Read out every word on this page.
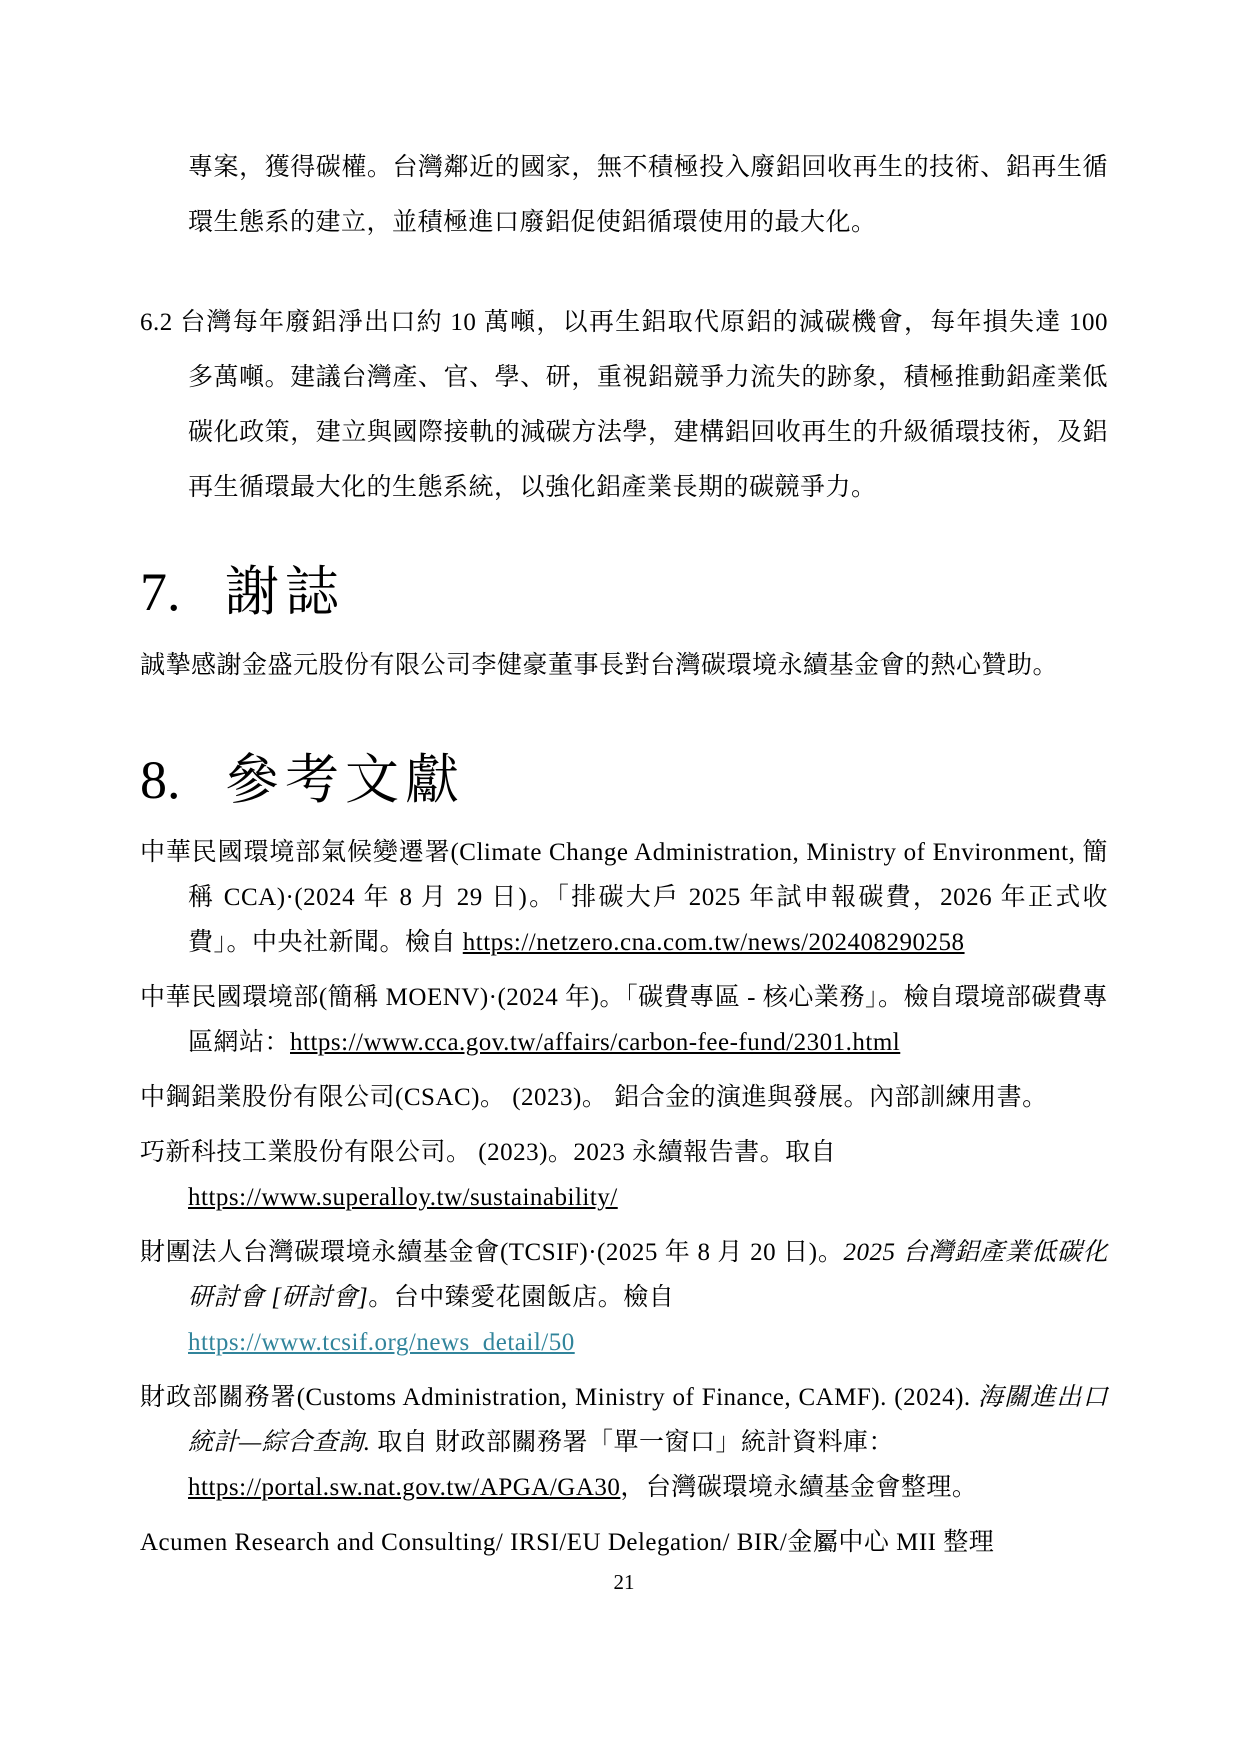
專案，獲得碳權。台灣鄰近的國家，無不積極投入廢鋁回收再生的技術、鋁再生循環生態系的建立，並積極進口廢鋁促使鋁循環使用的最大化。

6.2 台灣每年廢鋁淨出口約 10 萬噸，以再生鋁取代原鋁的減碳機會，每年損失達 100 多萬噸。建議台灣產、官、學、研，重視鋁競爭力流失的跡象，積極推動鋁產業低碳化政策，建立與國際接軌的減碳方法學，建構鋁回收再生的升級循環技術，及鋁再生循環最大化的生態系統，以強化鋁產業長期的碳競爭力。

7. 謝誌

誠摯感謝金盛元股份有限公司李健豪董事長對台灣碳環境永續基金會的熱心贊助。

8. 參考文獻

中華民國環境部氣候變遷署(Climate Change Administration, Ministry of Environment, 簡稱 CCA)·(2024 年 8 月 29 日)。「排碳大戶 2025 年試申報碳費，2026 年正式收費」。中央社新聞。檢自 https://netzero.cna.com.tw/news/202408290258

中華民國環境部(簡稱 MOENV)·(2024 年)。「碳費專區 - 核心業務」。檢自環境部碳費專區網站：https://www.cca.gov.tw/affairs/carbon-fee-fund/2301.html

中鋼鋁業股份有限公司(CSAC)。 (2023)。 鋁合金的演進與發展。內部訓練用書。

巧新科技工業股份有限公司。 (2023)。2023 永續報告書。取自
https://www.superalloy.tw/sustainability/

財團法人台灣碳環境永續基金會(TCSIF)·(2025 年 8 月 20 日)。2025 台灣鋁產業低碳化研討會 [研討會]。台中臻愛花園飯店。檢自
https://www.tcsif.org/news_detail/50

財政部關務署(Customs Administration, Ministry of Finance, CAMF). (2024). 海關進出口統計—綜合查詢. 取自 財政部關務署「單一窗口」統計資料庫：
https://portal.sw.nat.gov.tw/APGA/GA30，台灣碳環境永續基金會整理。

Acumen Research and Consulting/ IRSI/EU Delegation/ BIR/金屬中心 MII 整理

21
